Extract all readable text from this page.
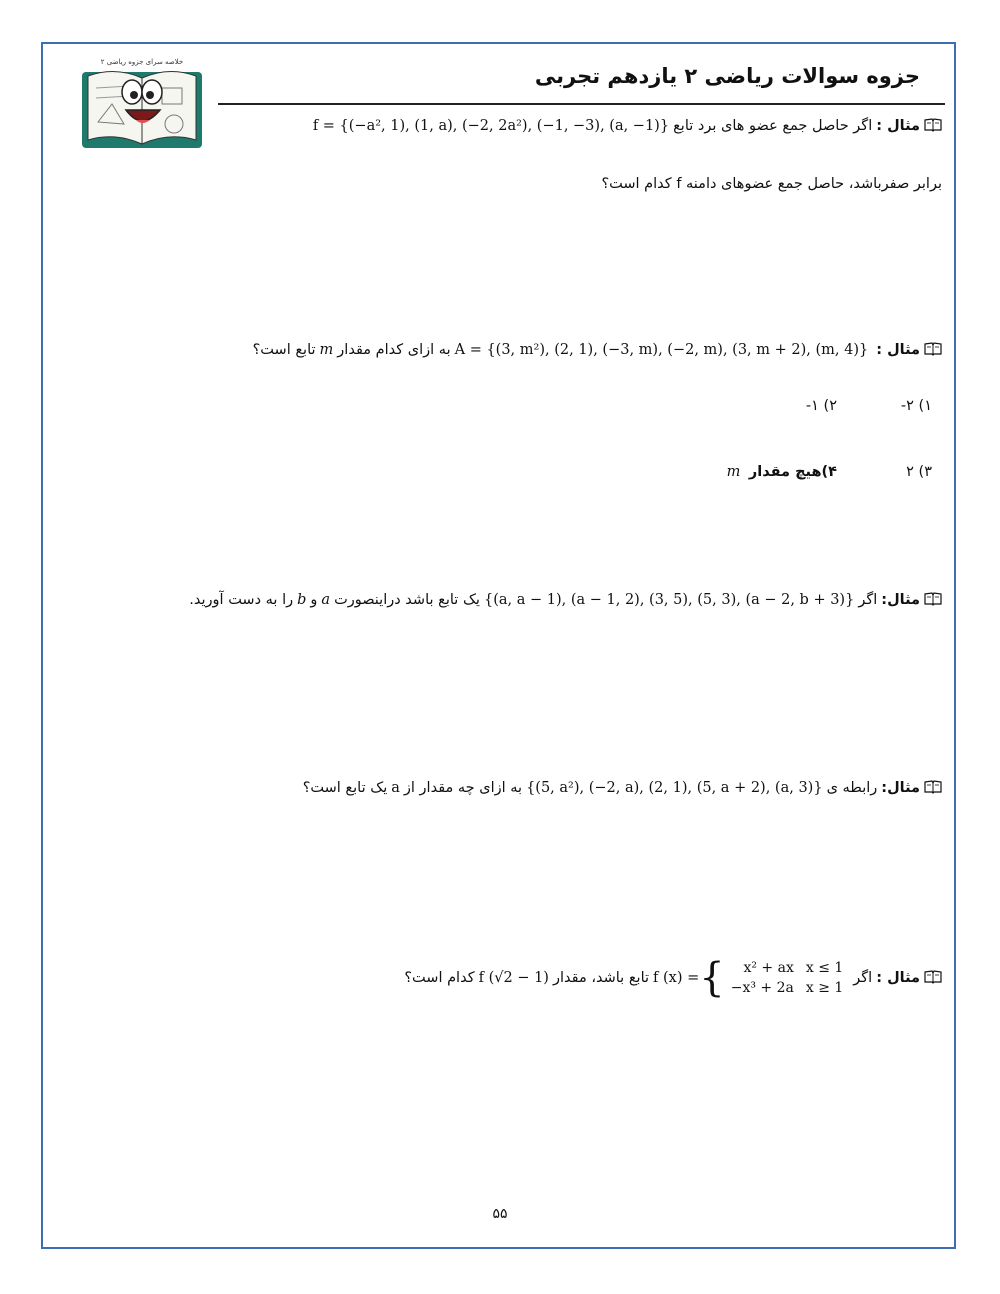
خلاصه سرای جزوه ریاضی ۲
جزوه سوالات ریاضی ۲ یازدهم تجربی
مثال :اگر حاصل جمع عضو های برد تابعf = {(−a², 1), (1, a), (−2, 2a²), (−1, −3), (a, −1)}
برابر صفرباشد، حاصل جمع عضوهای دامنه f کدام است؟
مثال :A = {(3, m²), (2, 1), (−3, m), (−2, m), (3, m + 2), (m, 4)}به ازای کدام مقدارmتابع است؟
۱) ۲-
۲) ۱-
۳) ۲
۴)هیچ مقدار m
مثال:اگر{(a, a − 1), (a − 1, 2), (3, 5), (5, 3), (a − 2, b + 3)}یک تابع باشد دراینصورتaوbرا به دست آورید.
مثال:رابطه ی{(5, a²), (−2, a), (2, 1), (5, a + 2), (a, 3)}به ازای چه مقدار ازaیک تابع است؟
مثال :اگرf (x) ={ x² + ax	x ≤ 1
−x³ + 2a	x ≥ 1تابع باشد، مقدارf (√2 − 1)کدام است؟
۵۵
